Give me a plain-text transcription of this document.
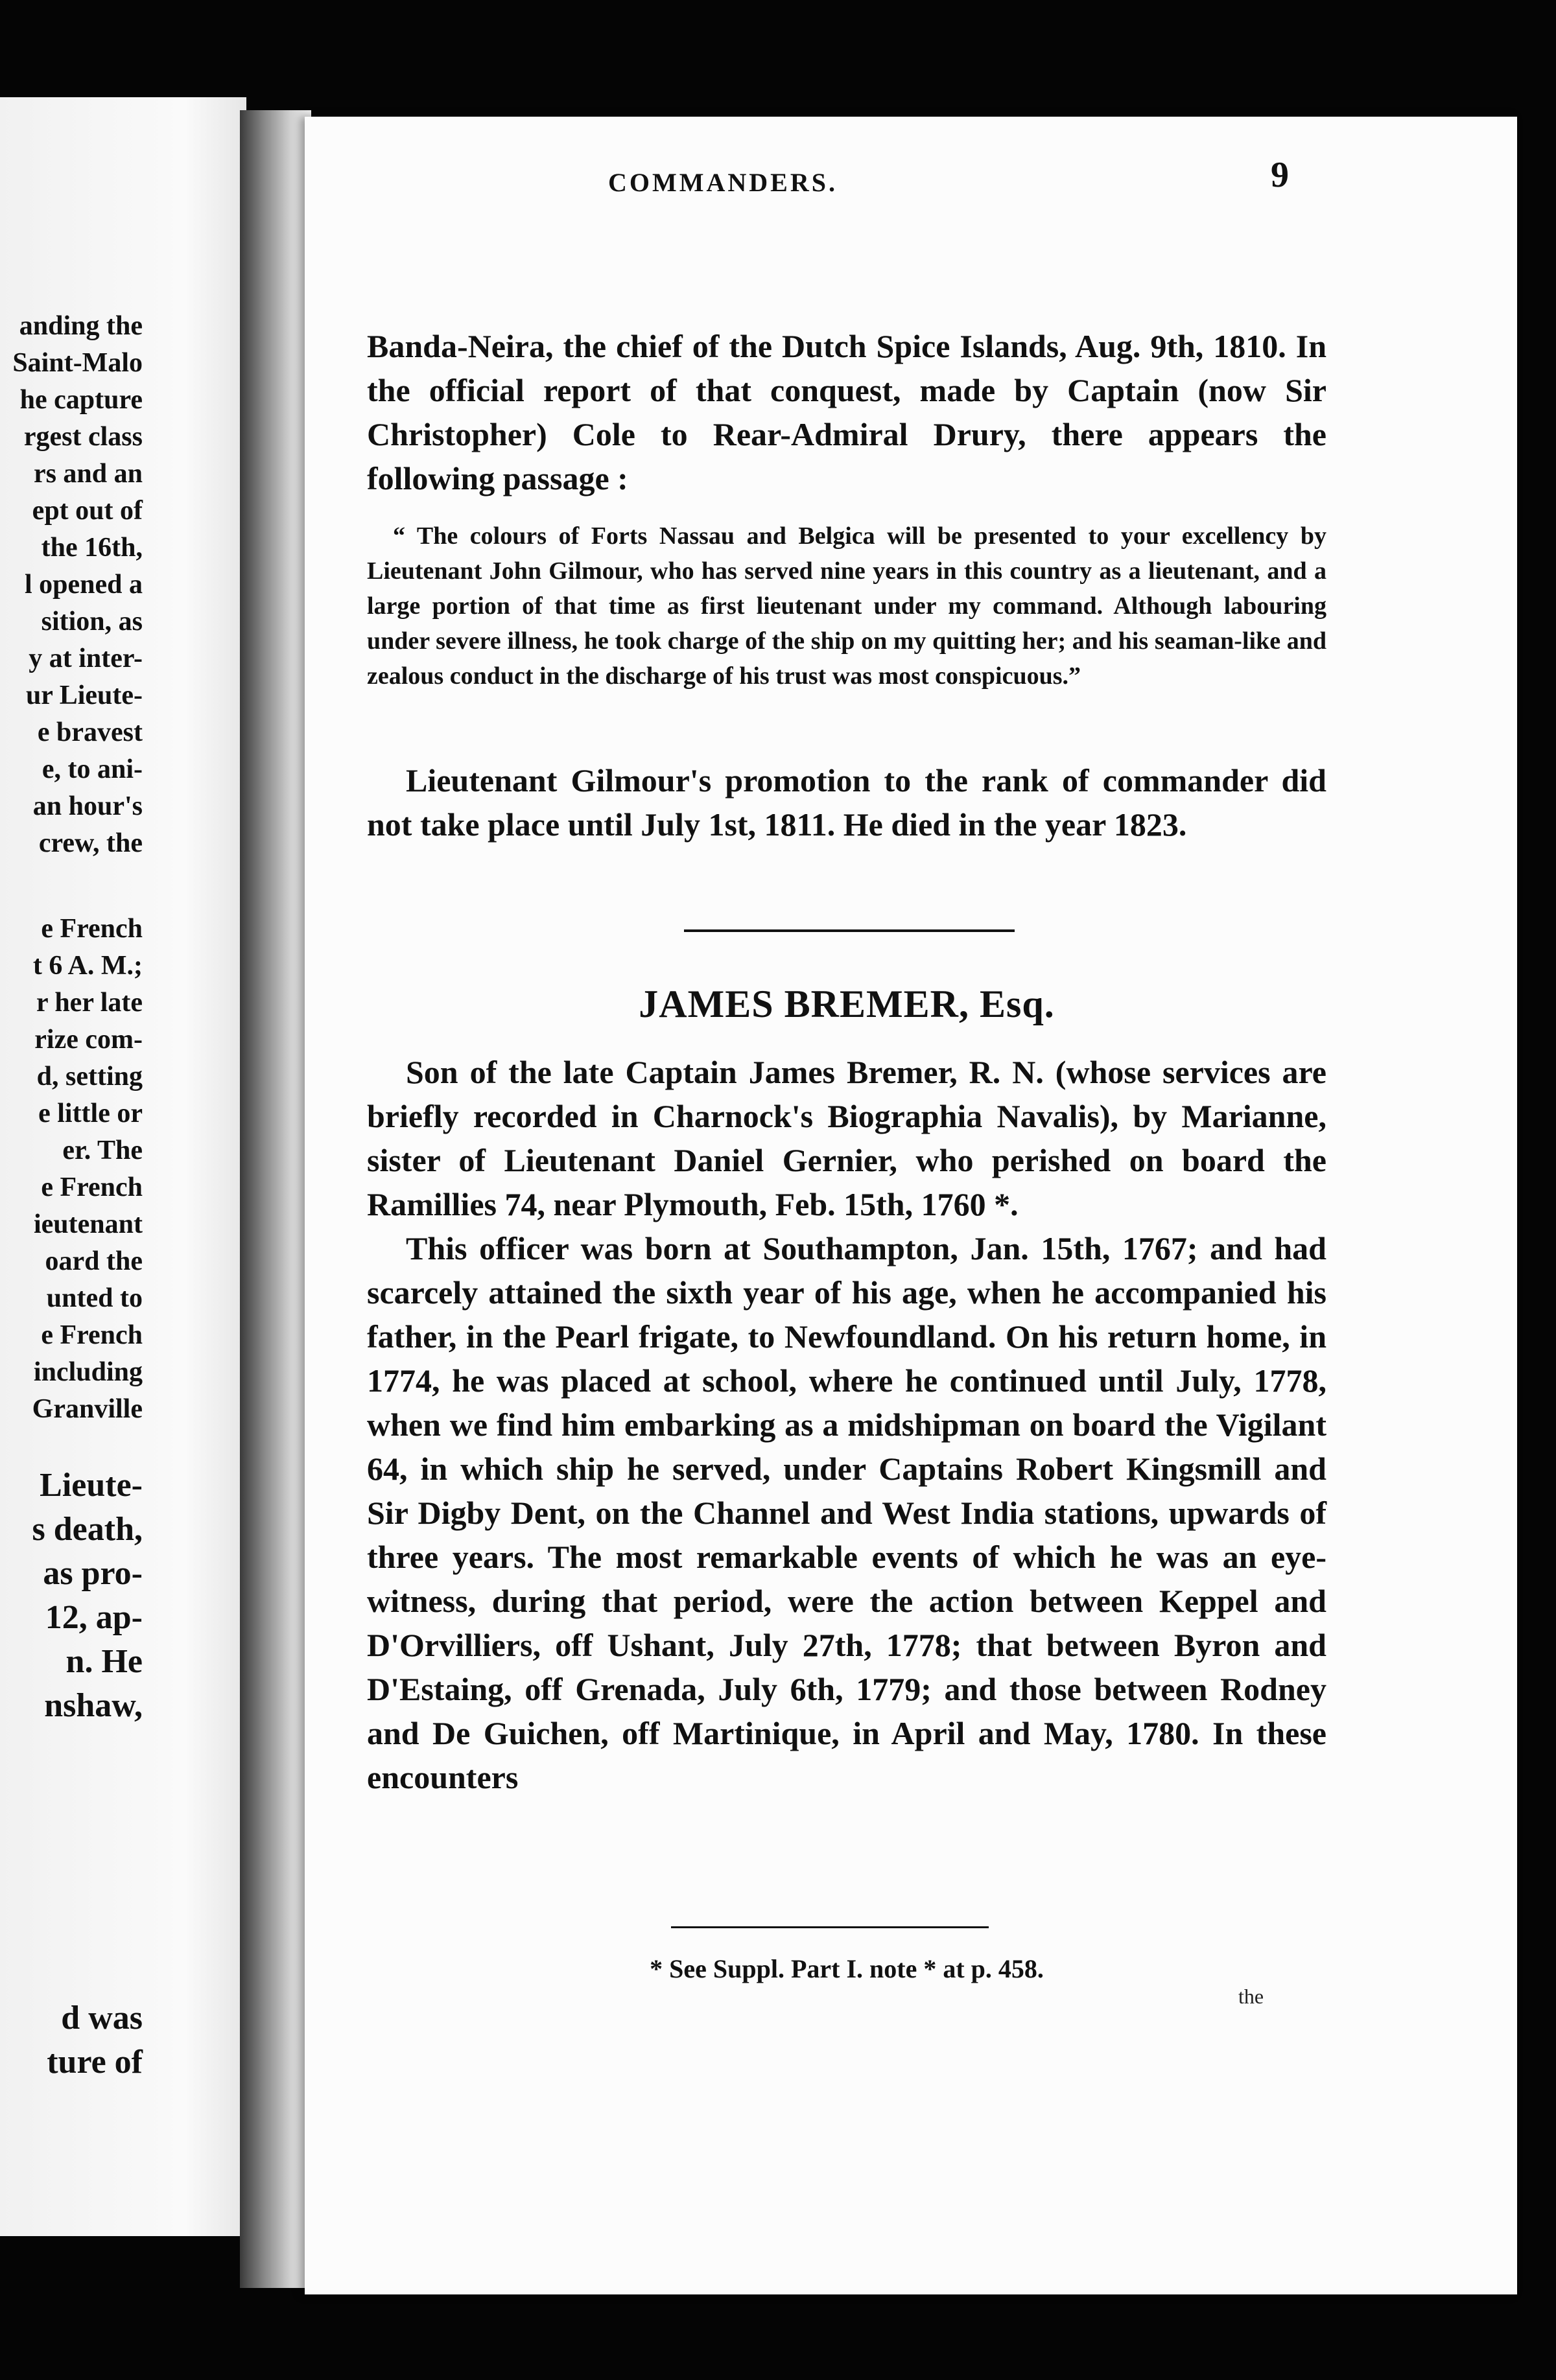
anding the
Saint-Malo
he capture
rgest class
rs and an
ept out of
the 16th,
l opened a
sition, as
y at inter-
ur Lieute-
e bravest
e, to ani-
an hour's
crew, the
e French
t 6 A. M.;
r her late
rize com-
d, setting
e little or
er. The
e French
ieutenant
oard the
unted to
e French
including
Granville
Lieute-
s death,
as pro-
12, ap-
n. He
nshaw,
d was
ture of
COMMANDERS.	9

Banda-Neira, the chief of the Dutch Spice Islands, Aug. 9th, 1810. In the official report of that conquest, made by Captain (now Sir Christopher) Cole to Rear-Admiral Drury, there appears the following passage :

“ The colours of Forts Nassau and Belgica will be presented to your excellency by Lieutenant John Gilmour, who has served nine years in this country as a lieutenant, and a large portion of that time as first lieutenant under my command. Although labouring under severe illness, he took charge of the ship on my quitting her; and his seaman-like and zealous conduct in the discharge of his trust was most conspicuous.”

Lieutenant Gilmour's promotion to the rank of commander did not take place until July 1st, 1811. He died in the year 1823.

JAMES BREMER, Esq.

Son of the late Captain James Bremer, R. N. (whose services are briefly recorded in Charnock's Biographia Navalis), by Marianne, sister of Lieutenant Daniel Gernier, who perished on board the Ramillies 74, near Plymouth, Feb. 15th, 1760 *.

This officer was born at Southampton, Jan. 15th, 1767; and had scarcely attained the sixth year of his age, when he accompanied his father, in the Pearl frigate, to Newfoundland. On his return home, in 1774, he was placed at school, where he continued until July, 1778, when we find him embarking as a midshipman on board the Vigilant 64, in which ship he served, under Captains Robert Kingsmill and Sir Digby Dent, on the Channel and West India stations, upwards of three years. The most remarkable events of which he was an eye-witness, during that period, were the action between Keppel and D'Orvilliers, off Ushant, July 27th, 1778; that between Byron and D'Estaing, off Grenada, July 6th, 1779; and those between Rodney and De Guichen, off Martinique, in April and May, 1780. In these encounters

* See Suppl. Part I. note * at p. 458.
the
